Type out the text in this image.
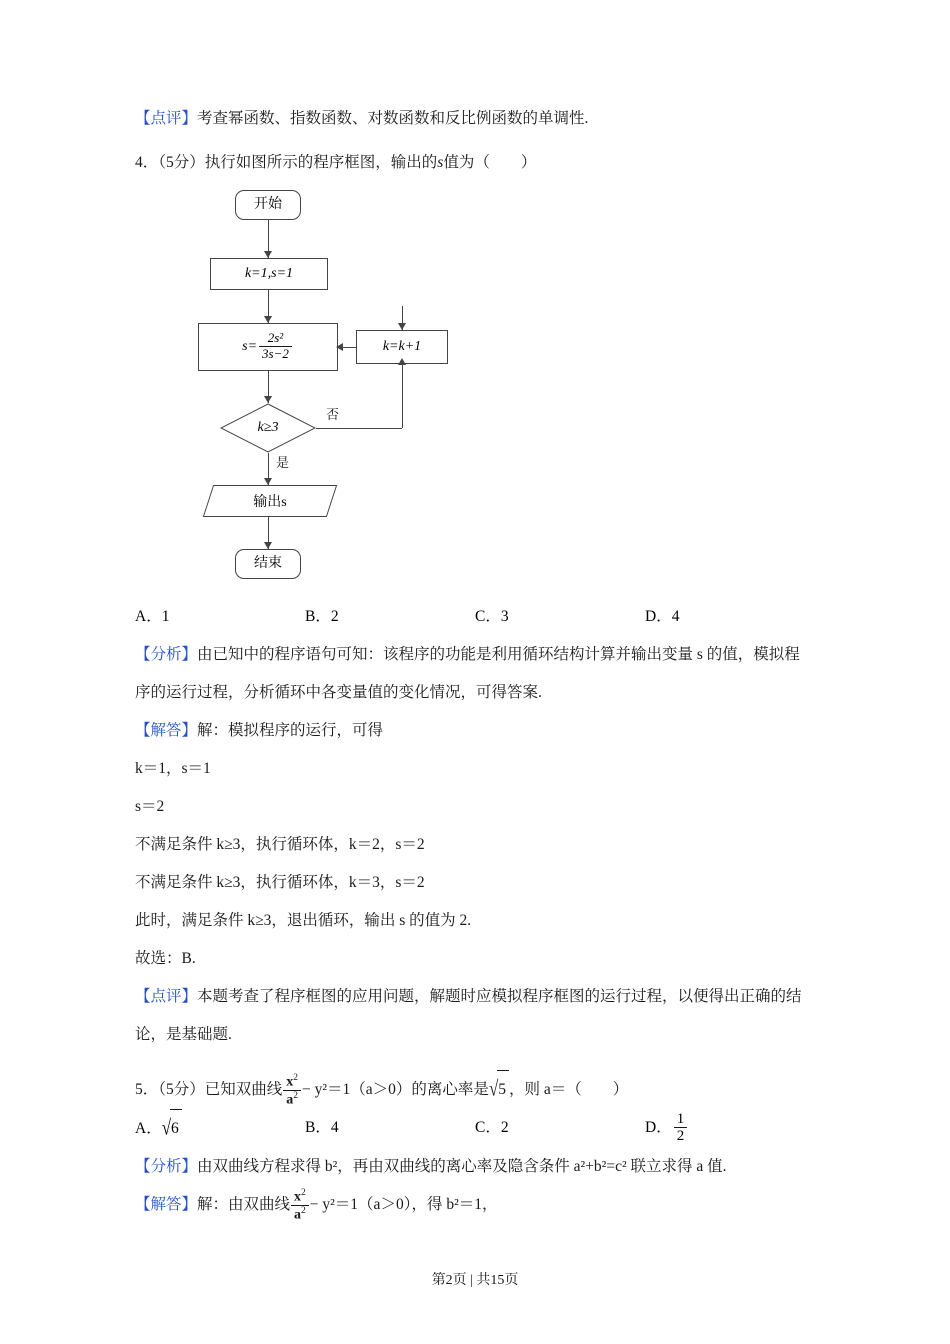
【点评】考查幂函数、指数函数、对数函数和反比例函数的单调性.
4．（5分）执行如图所示的程序框图，输出的s值为（　　）
开始
k=1,s=1
$s= \frac{\text{2s²}}{3s-2}$	k=k+1
k≥3
否
是
输出s
结束
A．1	B．2	C．3	D．4
【分析】由已知中的程序语句可知：该程序的功能是利用循环结构计算并输出变量 s 的值，模拟程序的运行过程，分析循环中各变量值的变化情况，可得答案.
【解答】解：模拟程序的运行，可得
k＝1，s＝1
s＝2
不满足条件 k≥3，执行循环体，k＝2，s＝2
不满足条件 k≥3，执行循环体，k＝3，s＝2
此时，满足条件 k≥3，退出循环，输出 s 的值为 2.
故选：B.
【点评】本题考查了程序框图的应用问题，解题时应模拟程序框图的运行过程，以便得出正确的结论，是基础题.
5．（5分）已知双曲线 $\frac{x^2}{a^2} - y^2=1(a>0)$的离心率是√5 ，则 a＝（　　）
A．√6	B．4	C．2	D． $\frac{1}{2}$
【分析】由双曲线方程求得 b²，再由双曲线的离心率及隐含条件 a²+b²=c² 联立求得 a 值.
【解答】解：由双曲线 $\frac{x^2}{a^2} - y^2=1(a>0)$，得 b²＝1，
第2页 | 共15页
